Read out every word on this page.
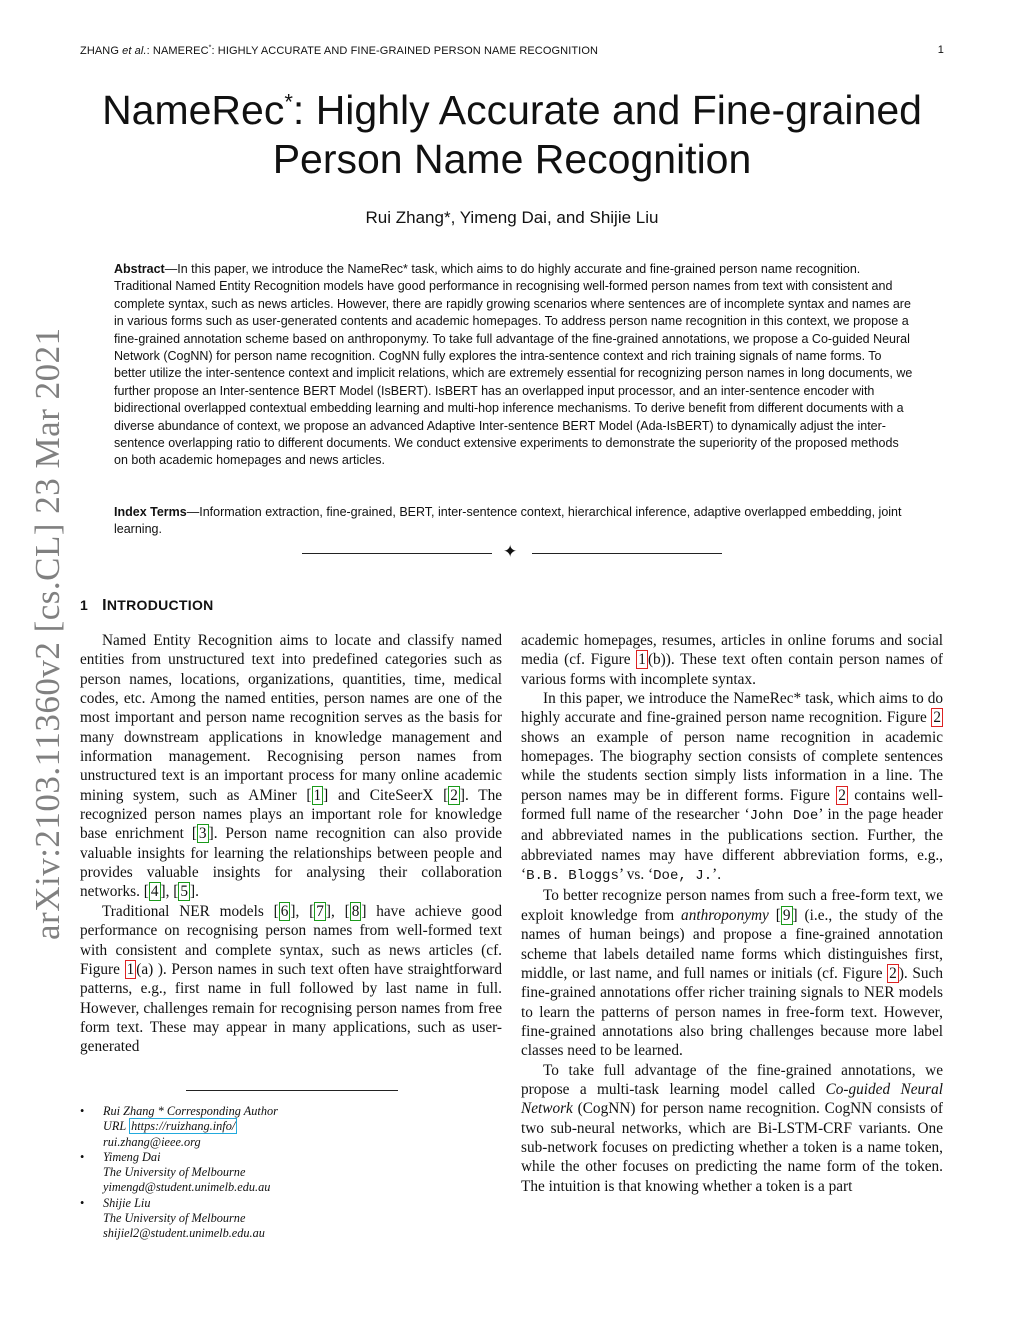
ZHANG et al.: NAMEREC*: HIGHLY ACCURATE AND FINE-GRAINED PERSON NAME RECOGNITION	1
arXiv:2103.11360v2 [cs.CL] 23 Mar 2021
NameRec*: Highly Accurate and Fine-grained
Person Name Recognition
Rui Zhang*, Yimeng Dai, and Shijie Liu
Abstract—In this paper, we introduce the NameRec* task, which aims to do highly accurate and fine-grained person name recognition. Traditional Named Entity Recognition models have good performance in recognising well-formed person names from text with consistent and complete syntax, such as news articles. However, there are rapidly growing scenarios where sentences are of incomplete syntax and names are in various forms such as user-generated contents and academic homepages. To address person name recognition in this context, we propose a fine-grained annotation scheme based on anthroponymy. To take full advantage of the fine-grained annotations, we propose a Co-guided Neural Network (CogNN) for person name recognition. CogNN fully explores the intra-sentence context and rich training signals of name forms. To better utilize the inter-sentence context and implicit relations, which are extremely essential for recognizing person names in long documents, we further propose an Inter-sentence BERT Model (IsBERT). IsBERT has an overlapped input processor, and an inter-sentence encoder with bidirectional overlapped contextual embedding learning and multi-hop inference mechanisms. To derive benefit from different documents with a diverse abundance of context, we propose an advanced Adaptive Inter-sentence BERT Model (Ada-IsBERT) to dynamically adjust the inter-sentence overlapping ratio to different documents. We conduct extensive experiments to demonstrate the superiority of the proposed methods on both academic homepages and news articles.
Index Terms—Information extraction, fine-grained, BERT, inter-sentence context, hierarchical inference, adaptive overlapped embedding, joint learning.
✦
1 INTRODUCTION

Named Entity Recognition aims to locate and classify named entities from unstructured text into predefined categories such as person names, locations, organizations, quantities, time, medical codes, etc. Among the named entities, person names are one of the most important and person name recognition serves as the basis for many downstream applications in knowledge management and information management. Recognising person names from unstructured text is an important process for many online academic mining system, such as AMiner [ 1 ] and CiteSeerX [ 2 ]. The recognized person names plays an important role for knowledge base enrichment [ 3 ]. Person name recognition can also provide valuable insights for learning the relationships between people and provides valuable insights for analysing their collaboration networks. [ 4 ], [ 5 ].

Traditional NER models [ 6 ], [ 7 ], [ 8 ] have achieve good performance on recognising person names from well-formed text with consistent and complete syntax, such as news articles (cf. Figure 1 (a) ). Person names in such text often have straightforward patterns, e.g., first name in full followed by last name in full. However, challenges remain for recognising person names from free form text. These may appear in many applications, such as user-generated

academic homepages, resumes, articles in online forums and social media (cf. Figure 1 (b)). These text often contain person names of various forms with incomplete syntax.

In this paper, we introduce the NameRec* task, which aims to do highly accurate and fine-grained person name recognition. Figure 2 shows an example of person name recognition in academic homepages. The biography section consists of complete sentences while the students section simply lists information in a line. The person names may be in different forms. Figure 2 contains well-formed full name of the researcher ‘John Doe’ in the page header and abbreviated names in the publications section. Further, the abbreviated names may have different abbreviation forms, e.g., ‘B.B. Bloggs’ vs. ‘Doe, J.’.

To better recognize person names from such a free-form text, we exploit knowledge from anthroponymy [ 9 ] (i.e., the study of the names of human beings) and propose a fine-grained annotation scheme that labels detailed name forms which distinguishes first, middle, or last name, and full names or initials (cf. Figure 2 ). Such fine-grained annotations offer richer training signals to NER models to learn the patterns of person names in free-form text. However, fine-grained annotations also bring challenges because more label classes need to be learned.

To take full advantage of the fine-grained annotations, we propose a multi-task learning model called Co-guided Neural Network (CogNN) for person name recognition. CogNN consists of two sub-neural networks, which are Bi-LSTM-CRF variants. One sub-network focuses on predicting whether a token is a name token, while the other focuses on predicting the name form of the token. The intuition is that knowing whether a token is a part

• Rui Zhang * Corresponding Author
URL https://ruizhang.info/
rui.zhang@ieee.org
• Yimeng Dai
The University of Melbourne
yimengd@student.unimelb.edu.au
• Shijie Liu
The University of Melbourne
shijiel2@student.unimelb.edu.au
